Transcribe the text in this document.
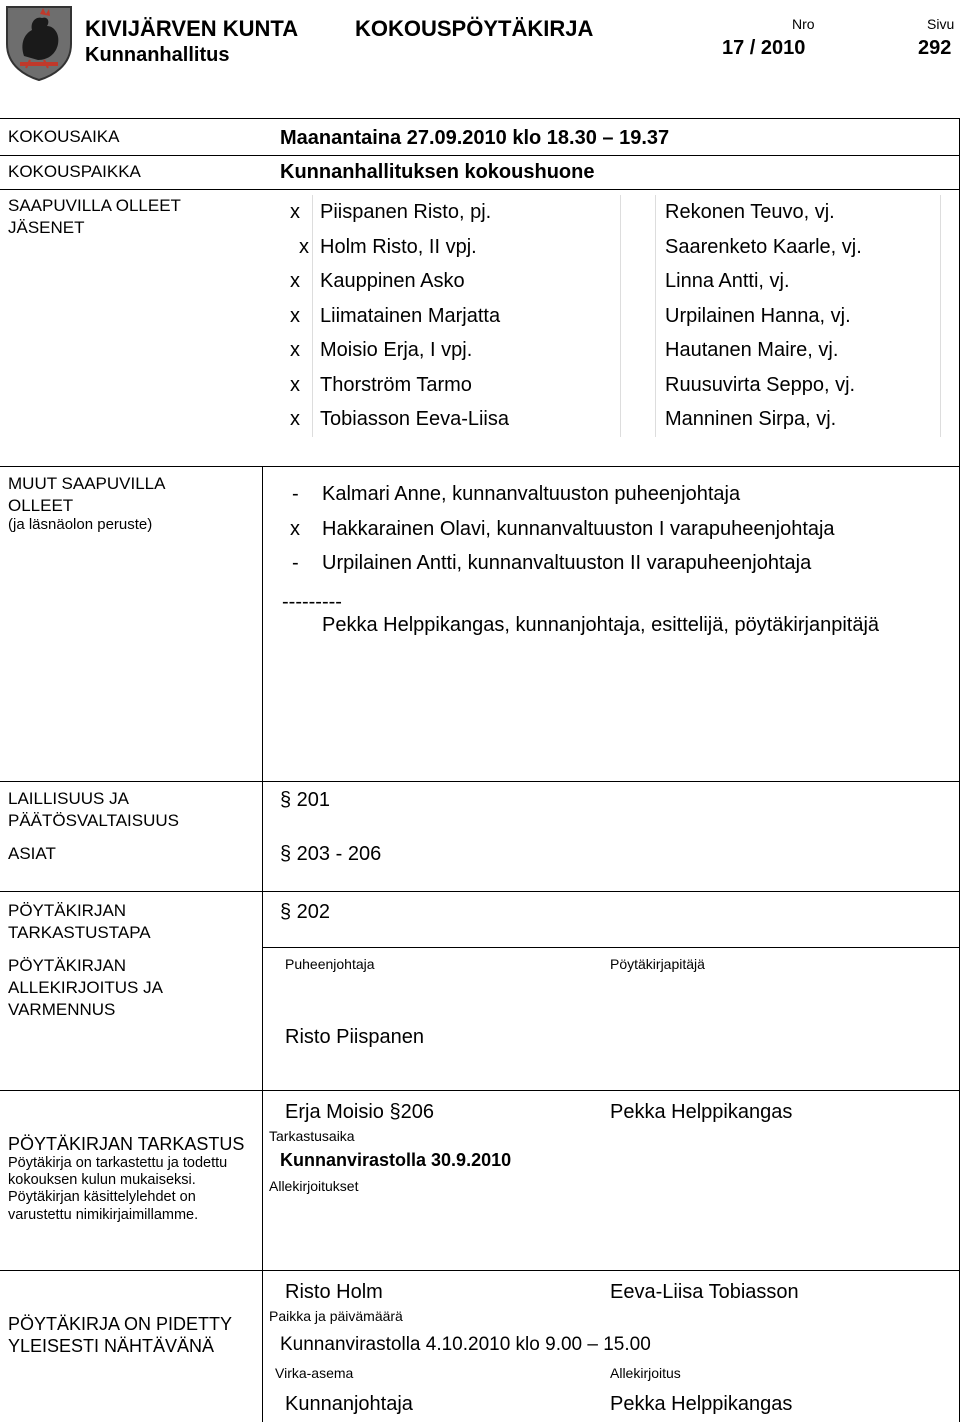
KIVIJÄRVEN KUNTA
Kunnanhallitus
KOKOUSPÖYTÄKIRJA	Nro
17 / 2010
Sivu
292
KOKOUSAIKA	Maanantaina 27.09.2010 klo 18.30 – 19.37
KOKOUSPAIKKA	Kunnanhallituksen kokoushuone
SAAPUVILLA OLLEET
JÄSENET
x Piispanen Risto, pj.	Rekonen Teuvo, vj.
x Holm Risto, II vpj.	Saarenketo Kaarle, vj.
x Kauppinen Asko	Linna Antti, vj.
x Liimatainen Marjatta	Urpilainen Hanna, vj.
x Moisio Erja, I vpj.	Hautanen Maire, vj.
x Thorström Tarmo	Ruusuvirta Seppo, vj.
x Tobiasson Eeva-Liisa	Manninen Sirpa, vj.
MUUT SAAPUVILLA
OLLEET
(ja läsnäolon peruste)
- Kalmari Anne, kunnanvaltuuston puheenjohtaja
x Hakkarainen Olavi, kunnanvaltuuston I varapuheenjohtaja
- Urpilainen Antti, kunnanvaltuuston II varapuheenjohtaja
---------
Pekka Helppikangas, kunnanjohtaja, esittelijä, pöytäkirjanpitäjä
LAILLISUUS JA
PÄÄTÖSVALTAISUUS
§ 201
ASIAT	§ 203 - 206
PÖYTÄKIRJAN
TARKASTUSTAPA
§ 202
PÖYTÄKIRJAN
ALLEKIRJOITUS JA
VARMENNUS
Puheenjohtaja	Pöytäkirjapitäjä
Risto Piispanen
Erja Moisio §206	Pekka Helppikangas
PÖYTÄKIRJAN TARKASTUS
Pöytäkirja on tarkastettu ja todettu
kokouksen kulun mukaiseksi.
Pöytäkirjan käsittelylehdet on
varustettu nimikirjaimillamme.
Tarkastusaika
Kunnanvirastolla 30.9.2010
Allekirjoitukset
Risto Holm	Eeva-Liisa Tobiasson
PÖYTÄKIRJA ON PIDETTY
YLEISESTI NÄHTÄVÄNÄ
Paikka ja päivämäärä
Kunnanvirastolla 4.10.2010 klo 9.00 – 15.00
Virka-asema	Allekirjoitus
Kunnanjohtaja	Pekka Helppikangas
